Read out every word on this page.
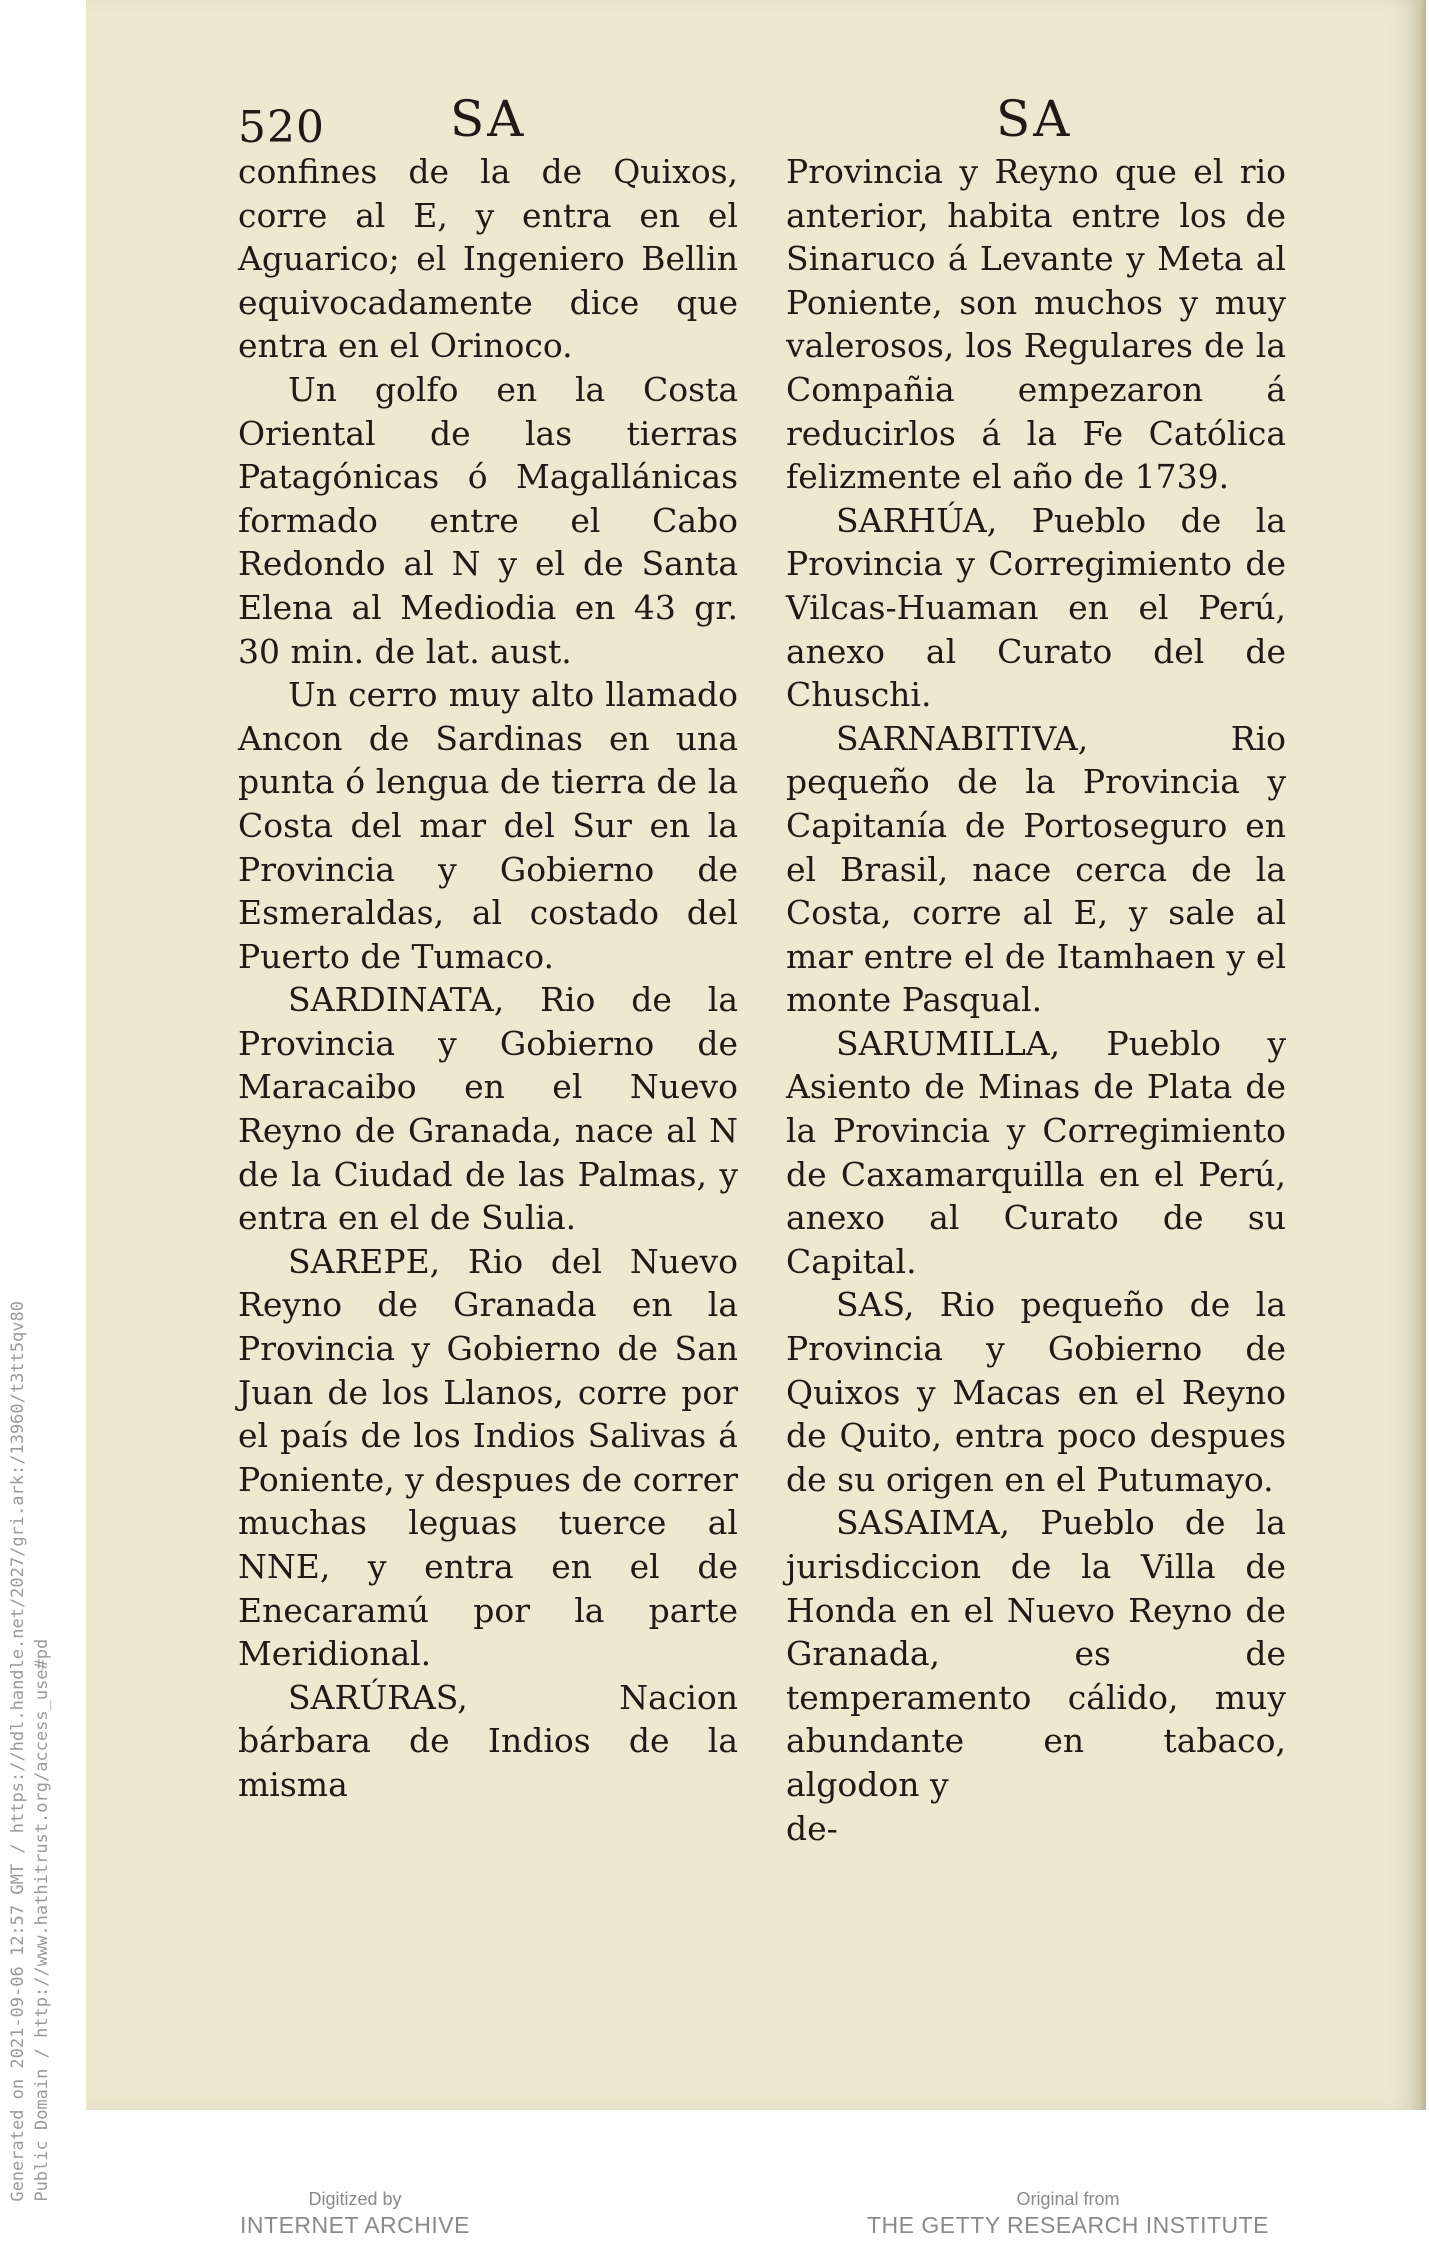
Generated on 2021-09-06 12:57 GMT / https://hdl.handle.net/2027/gri.ark:/13960/t3tt5qv80 Public Domain / http://www.hathitrust.org/access_use#pd
520	SA	SA

confines de la de Quixos, corre al E, y entra en el Aguarico; el Ingeniero Bellin equivocadamente dice que entra en el Orinoco.

Un golfo en la Costa Oriental de las tierras Patagónicas ó Magallánicas formado entre el Cabo Redondo al N y el de Santa Elena al Mediodia en 43 gr. 30 min. de lat. aust.

Un cerro muy alto llamado Ancon de Sardinas en una punta ó lengua de tierra de la Costa del mar del Sur en la Provincia y Gobierno de Esmeraldas, al costado del Puerto de Tumaco.

SARDINATA, Rio de la Provincia y Gobierno de Maracaibo en el Nuevo Reyno de Granada, nace al N de la Ciudad de las Palmas, y entra en el de Sulia.

SAREPE, Rio del Nuevo Reyno de Granada en la Provincia y Gobierno de San Juan de los Llanos, corre por el país de los Indios Salivas á Poniente, y despues de correr muchas leguas tuerce al NNE, y entra en el de Enecaramú por la parte Meridional.

SARÚRAS, Nacion bárbara de Indios de la misma

Provincia y Reyno que el rio anterior, habita entre los de Sinaruco á Levante y Meta al Poniente, son muchos y muy valerosos, los Regulares de la Compañia empezaron á reducirlos á la Fe Católica felizmente el año de 1739.

SARHÚA, Pueblo de la Provincia y Corregimiento de Vilcas-Huaman en el Perú, anexo al Curato del de Chuschi.

SARNABITIVA, Rio pequeño de la Provincia y Capitanía de Portoseguro en el Brasil, nace cerca de la Costa, corre al E, y sale al mar entre el de Itamhaen y el monte Pasqual.

SARUMILLA, Pueblo y Asiento de Minas de Plata de la Provincia y Corregimiento de Caxamarquilla en el Perú, anexo al Curato de su Capital.

SAS, Rio pequeño de la Provincia y Gobierno de Quixos y Macas en el Reyno de Quito, entra poco despues de su origen en el Putumayo.

SASAIMA, Pueblo de la jurisdiccion de la Villa de Honda en el Nuevo Reyno de Granada, es de temperamento cálido, muy abundante en tabaco, algodon y

de-

Digitized by
INTERNET ARCHIVE
Original from
THE GETTY RESEARCH INSTITUTE
